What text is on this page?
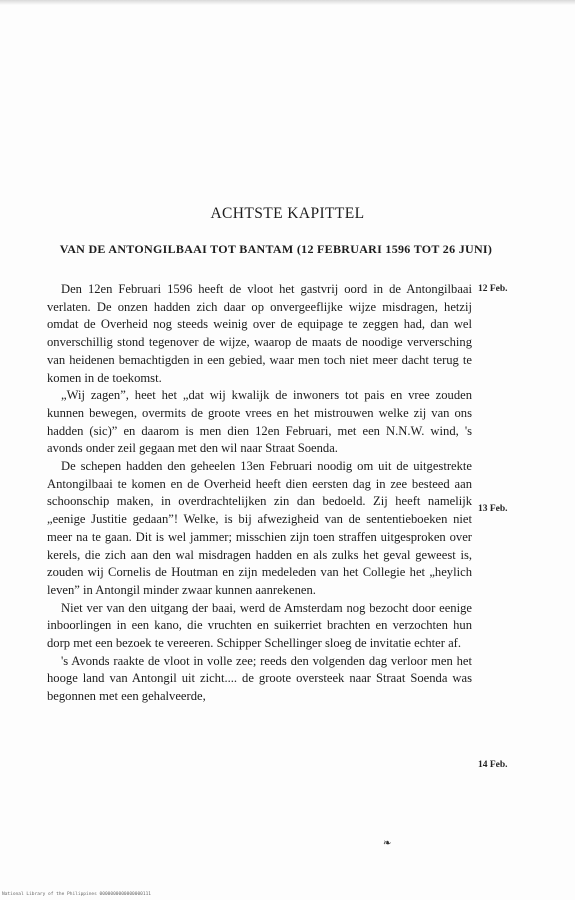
ACHTSTE KAPITTEL
VAN DE ANTONGILBAAI TOT BANTAM (12 FEBRUARI 1596 TOT 26 JUNI)

Den 12en Februari 1596 heeft de vloot het gastvrij oord in de Antongilbaai verlaten. De onzen hadden zich daar op onvergeeflijke wijze misdragen, hetzij omdat de Overheid nog steeds weinig over de equipage te zeggen had, dan wel onverschillig stond tegenover de wijze, waarop de maats de noodige verversching van heidenen bemachtigden in een gebied, waar men toch niet meer dacht terug te komen in de toekomst.

„Wij zagen”, heet het „dat wij kwalijk de inwoners tot pais en vree zouden kunnen bewegen, overmits de groote vrees en het mistrouwen welke zij van ons hadden (sic)” en daarom is men dien 12en Februari, met een N.N.W. wind, 's avonds onder zeil gegaan met den wil naar Straat Soenda.

De schepen hadden den geheelen 13en Februari noodig om uit de uitgestrekte Antongilbaai te komen en de Overheid heeft dien eersten dag in zee besteed aan schoonschip maken, in overdrachtelijken zin dan bedoeld. Zij heeft namelijk „eenige Justitie gedaan”! Welke, is bij afwezigheid van de sententieboeken niet meer na te gaan. Dit is wel jammer; misschien zijn toen straffen uitgesproken over kerels, die zich aan den wal misdragen hadden en als zulks het geval geweest is, zouden wij Cornelis de Houtman en zijn medeleden van het Collegie het „heylich leven” in Antongil minder zwaar kunnen aanrekenen.

Niet ver van den uitgang der baai, werd de Amsterdam nog bezocht door eenige inboorlingen in een kano, die vruchten en suikerriet brachten en verzochten hun dorp met een bezoek te vereeren. Schipper Schellinger sloeg de invitatie echter af.

's Avonds raakte de vloot in volle zee; reeds den volgenden dag verloor men het hooge land van Antongil uit zicht.... de groote oversteek naar Straat Soenda was begonnen met een gehalveerde,

12 Feb.
13 Feb.
14 Feb.
❧
National Library of the Philippines 0000000000000000111
